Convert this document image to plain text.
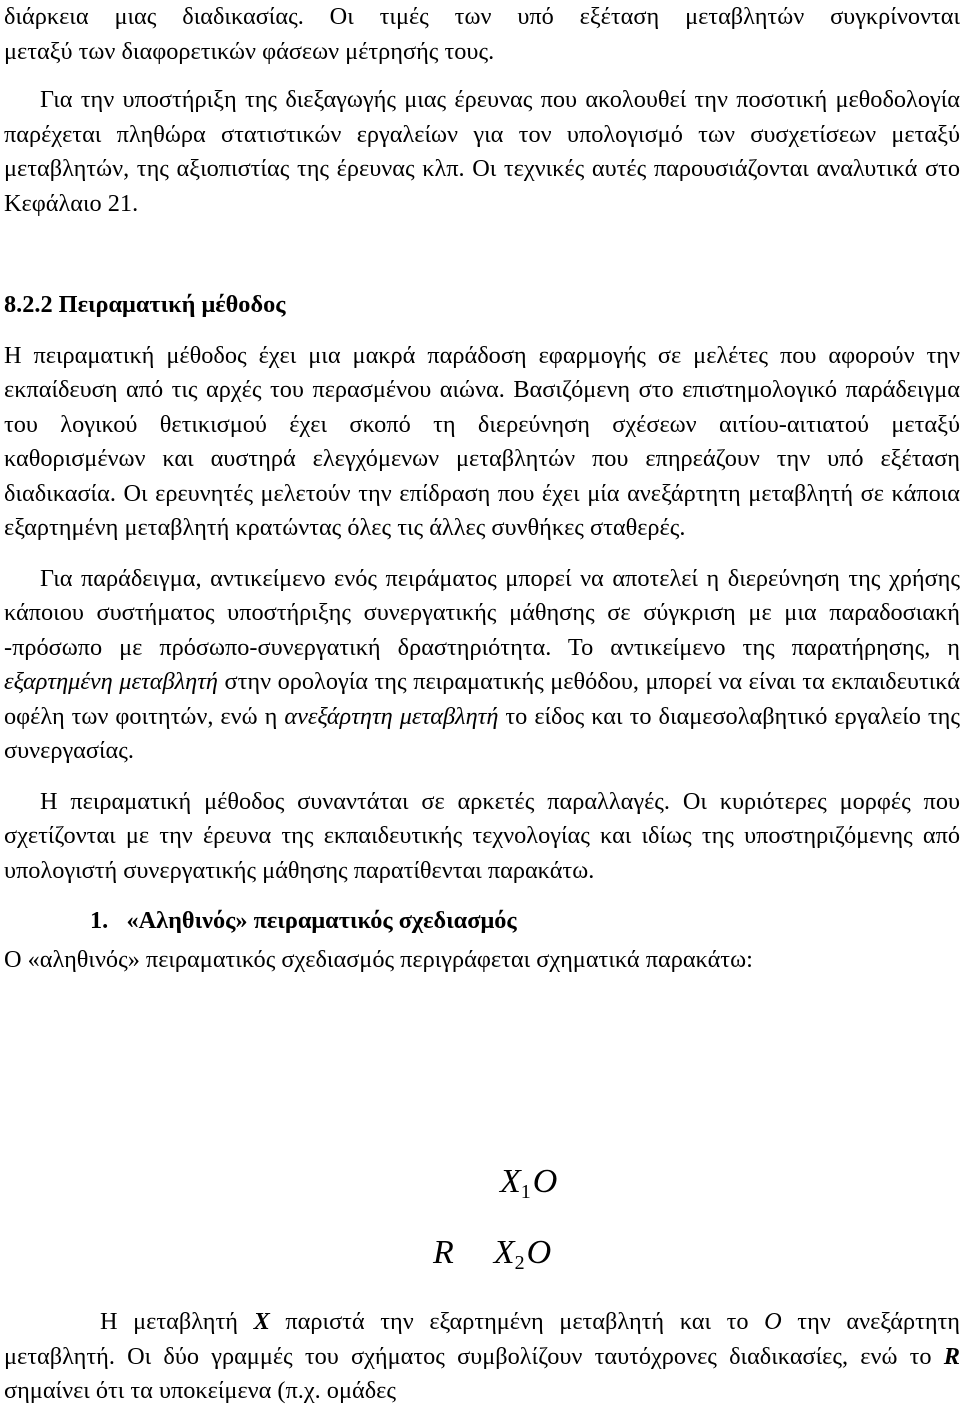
διάρκεια μιας διαδικασίας. Οι τιμές των υπό εξέταση μεταβλητών συγκρίνονται

μεταξύ των διαφορετικών φάσεων μέτρησής τους.

Για την υποστήριξη της διεξαγωγής μιας έρευνας που ακολουθεί την ποσοτική μεθοδολογία παρέχεται πληθώρα στατιστικών εργαλείων για τον υπολογισμό των συσχετίσεων μεταξύ μεταβλητών, της αξιοπιστίας της έρευνας κλπ. Οι τεχνικές αυτές παρουσιάζονται αναλυτικά στο Κεφάλαιο 21.

8.2.2 Πειραματική μέθοδος

Η πειραματική μέθοδος έχει μια μακρά παράδοση εφαρμογής σε μελέτες που αφορούν την εκπαίδευση από τις αρχές του περασμένου αιώνα. Βασιζόμενη στο επιστημολογικό παράδειγμα του λογικού θετικισμού έχει σκοπό τη διερεύνηση σχέσεων αιτίου-αιτιατού μεταξύ καθορισμένων και αυστηρά ελεγχόμενων μεταβλητών που επηρεάζουν την υπό εξέταση διαδικασία. Οι ερευνητές μελετούν την επίδραση που έχει μία ανεξάρτητη μεταβλητή σε κάποια εξαρτημένη μεταβλητή κρατώντας όλες τις άλλες συνθήκες σταθερές.

Για παράδειγμα, αντικείμενο ενός πειράματος μπορεί να αποτελεί η διερεύνηση της χρήσης κάποιου συστήματος υποστήριξης συνεργατικής μάθησης σε σύγκριση με μια παραδοσιακή -πρόσωπο με πρόσωπο-συνεργατική δραστηριότητα. Το αντικείμενο της παρατήρησης, η εξαρτημένη μεταβλητή στην ορολογία της πειραματικής μεθόδου, μπορεί να είναι τα εκπαιδευτικά οφέλη των φοιτητών, ενώ η ανεξάρτητη μεταβλητή το είδος και το διαμεσολαβητικό εργαλείο της συνεργασίας.

Η πειραματική μέθοδος συναντάται σε αρκετές παραλλαγές. Οι κυριότερες μορφές που σχετίζονται με την έρευνα της εκπαιδευτικής τεχνολογίας και ιδίως της υποστηριζόμενης από υπολογιστή συνεργατικής μάθησης παρατίθενται παρακάτω.

1. «Αληθινός» πειραματικός σχεδιασμός

Ο «αληθινός» πειραματικός σχεδιασμός περιγράφεται σχηματικά παρακάτω:

$X_1O$
R $X_2O$

Η μεταβλητή X παριστά την εξαρτημένη μεταβλητή και το O την ανεξάρτητη μεταβλητή. Οι δύο γραμμές του σχήματος συμβολίζουν ταυτόχρονες διαδικασίες, ενώ το R σημαίνει ότι τα υποκείμενα (π.χ. ομάδες
